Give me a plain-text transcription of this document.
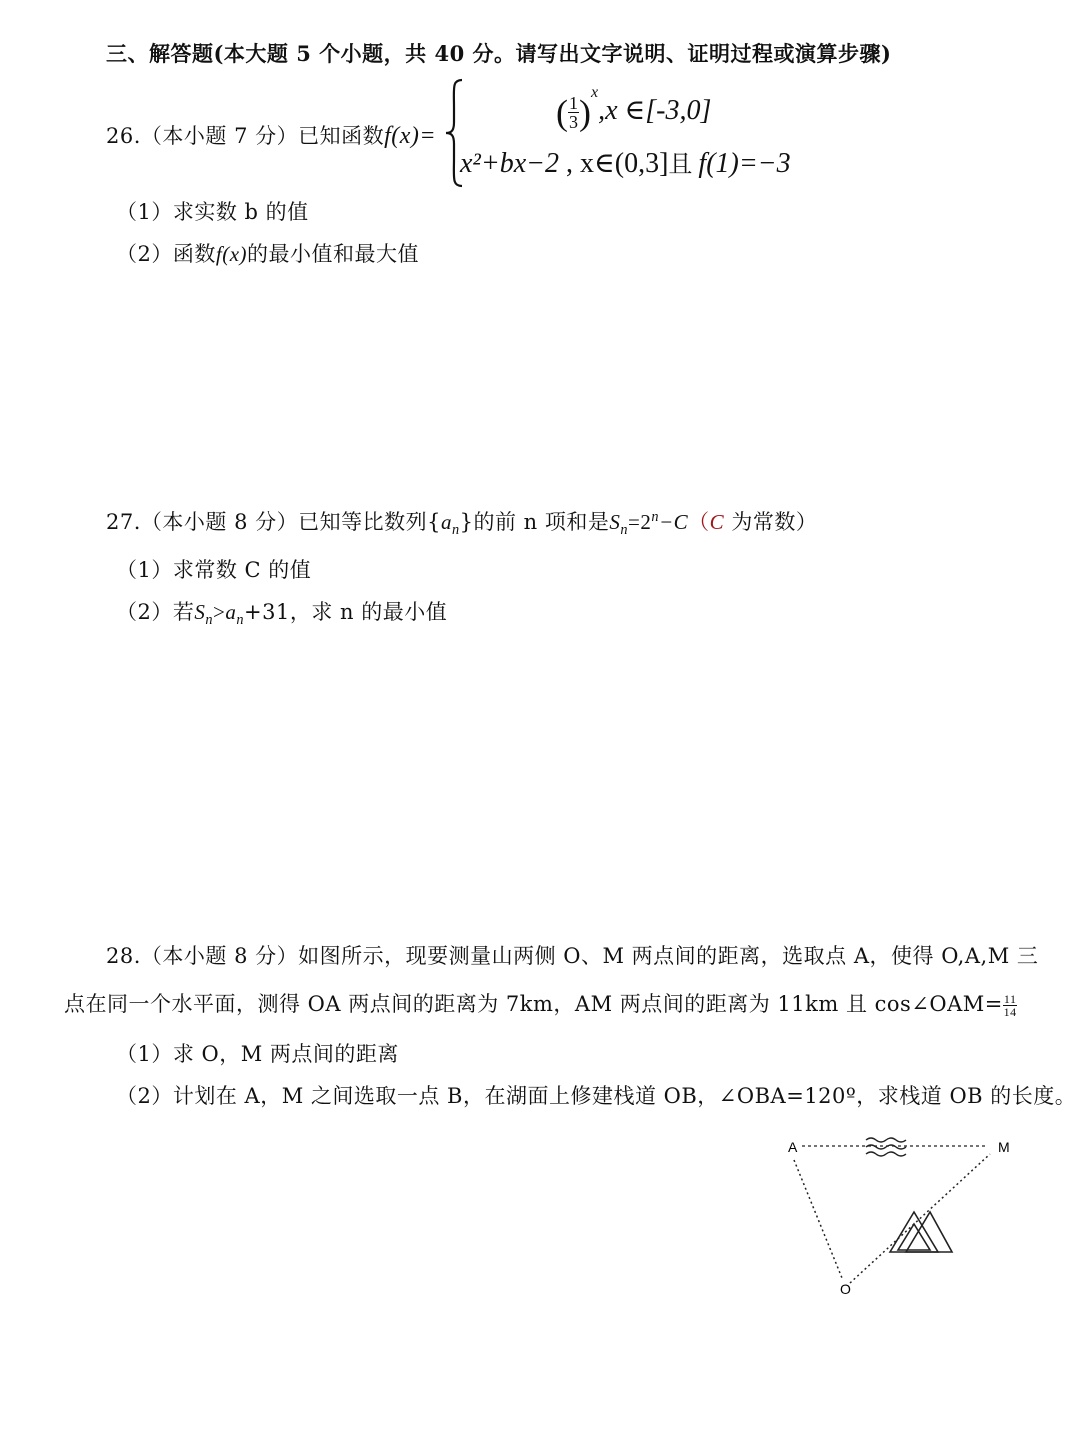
三、解答题(本大题 5 个小题，共 40 分。请写出文字说明、证明过程或演算步骤)
26.（本小题 7 分）已知函数f(x)=
( $\frac{1}{3} )^x,x$ ∈[-3,0]
x²+bx−2 , x∈(0,3]且 f(1)=−3
（1）求实数 b 的值
（2）函数f(x)的最小值和最大值
27.（本小题 8 分）已知等比数列$\{a_n\}$的前 n 项和是$S_n=2^n-C(C$ 为常数）
（1）求常数 C 的值
（2）若$S_n>a_n+31$，求 n 的最小值
28.（本小题 8 分）如图所示，现要测量山两侧 O、M 两点间的距离，选取点 A，使得 O,A,M 三
点在同一个水平面，测得 OA 两点间的距离为 7km，AM 两点间的距离为 11km 且 cos∠OAM= $\frac{11}{14}$
（1）求 O，M 两点间的距离
（2）计划在 A，M 之间选取一点 B，在湖面上修建栈道 OB，∠OBA=120º，求栈道 OB 的长度。
A	M
O
